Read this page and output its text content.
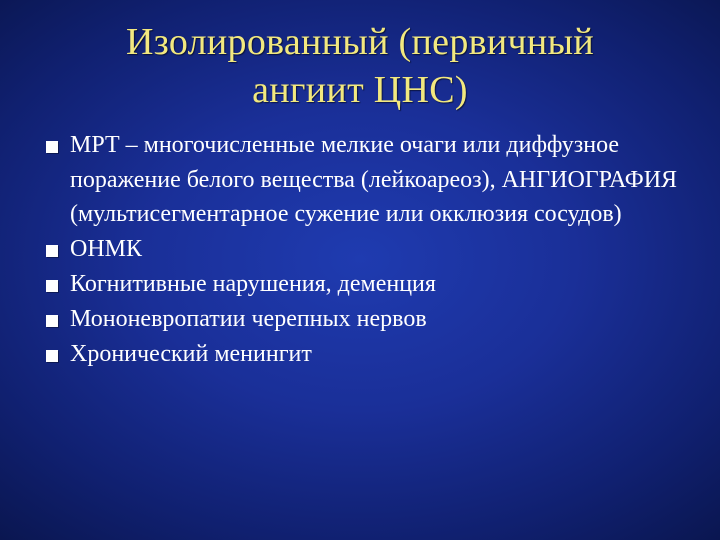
Изолированный (первичный
ангиит ЦНС)
МРТ – многочисленные мелкие очаги или диффузное поражение белого вещества (лейкоареоз), АНГИОГРАФИЯ (мультисегментарное сужение или окклюзия сосудов)
ОНМК
Когнитивные нарушения, деменция
Мононевропатии черепных нервов
Хронический менингит
